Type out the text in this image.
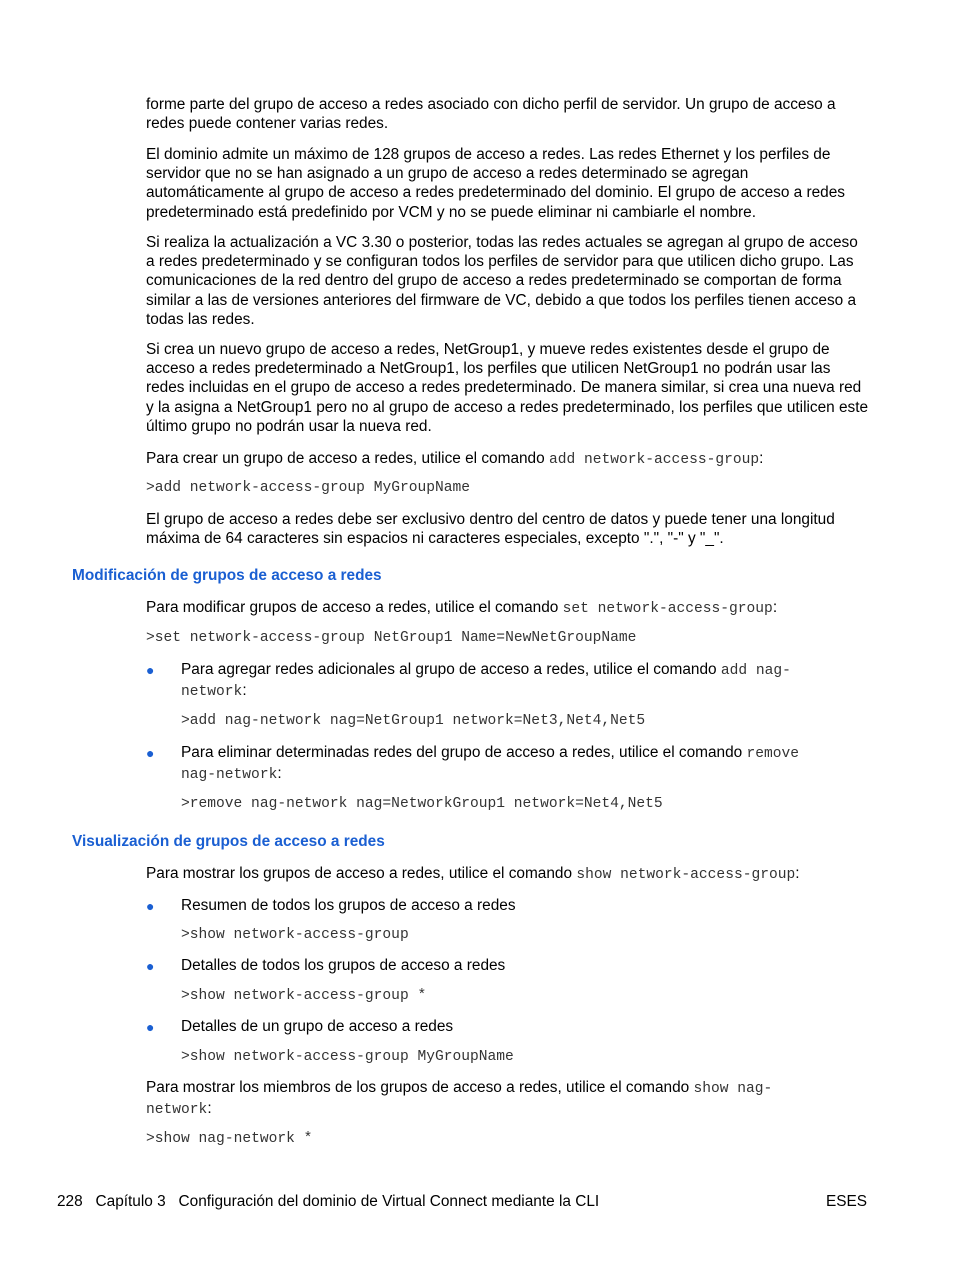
forme parte del grupo de acceso a redes asociado con dicho perfil de servidor. Un grupo de acceso a redes puede contener varias redes.

El dominio admite un máximo de 128 grupos de acceso a redes. Las redes Ethernet y los perfiles de servidor que no se han asignado a un grupo de acceso a redes determinado se agregan automáticamente al grupo de acceso a redes predeterminado del dominio. El grupo de acceso a redes predeterminado está predefinido por VCM y no se puede eliminar ni cambiarle el nombre.

Si realiza la actualización a VC 3.30 o posterior, todas las redes actuales se agregan al grupo de acceso a redes predeterminado y se configuran todos los perfiles de servidor para que utilicen dicho grupo. Las comunicaciones de la red dentro del grupo de acceso a redes predeterminado se comportan de forma similar a las de versiones anteriores del firmware de VC, debido a que todos los perfiles tienen acceso a todas las redes.

Si crea un nuevo grupo de acceso a redes, NetGroup1, y mueve redes existentes desde el grupo de acceso a redes predeterminado a NetGroup1, los perfiles que utilicen NetGroup1 no podrán usar las redes incluidas en el grupo de acceso a redes predeterminado. De manera similar, si crea una nueva red y la asigna a NetGroup1 pero no al grupo de acceso a redes predeterminado, los perfiles que utilicen este último grupo no podrán usar la nueva red.

Para crear un grupo de acceso a redes, utilice el comando add network-access-group:

>add network-access-group MyGroupName

El grupo de acceso a redes debe ser exclusivo dentro del centro de datos y puede tener una longitud máxima de 64 caracteres sin espacios ni caracteres especiales, excepto ".", "-" y "_".

Modificación de grupos de acceso a redes

Para modificar grupos de acceso a redes, utilice el comando set network-access-group:

>set network-access-group NetGroup1 Name=NewNetGroupName
● Para agregar redes adicionales al grupo de acceso a redes, utilice el comando add nag-
network:
>add nag-network nag=NetGroup1 network=Net3,Net4,Net5
● Para eliminar determinadas redes del grupo de acceso a redes, utilice el comando remove
nag-network:
>remove nag-network nag=NetworkGroup1 network=Net4,Net5
Visualización de grupos de acceso a redes

Para mostrar los grupos de acceso a redes, utilice el comando show network-access-group:

● Resumen de todos los grupos de acceso a redes
>show network-access-group
● Detalles de todos los grupos de acceso a redes
>show network-access-group *
● Detalles de un grupo de acceso a redes
>show network-access-group MyGroupName

Para mostrar los miembros de los grupos de acceso a redes, utilice el comando show nag-
network:

>show nag-network *
228 Capítulo 3 Configuración del dominio de Virtual Connect mediante la CLI	ESES
